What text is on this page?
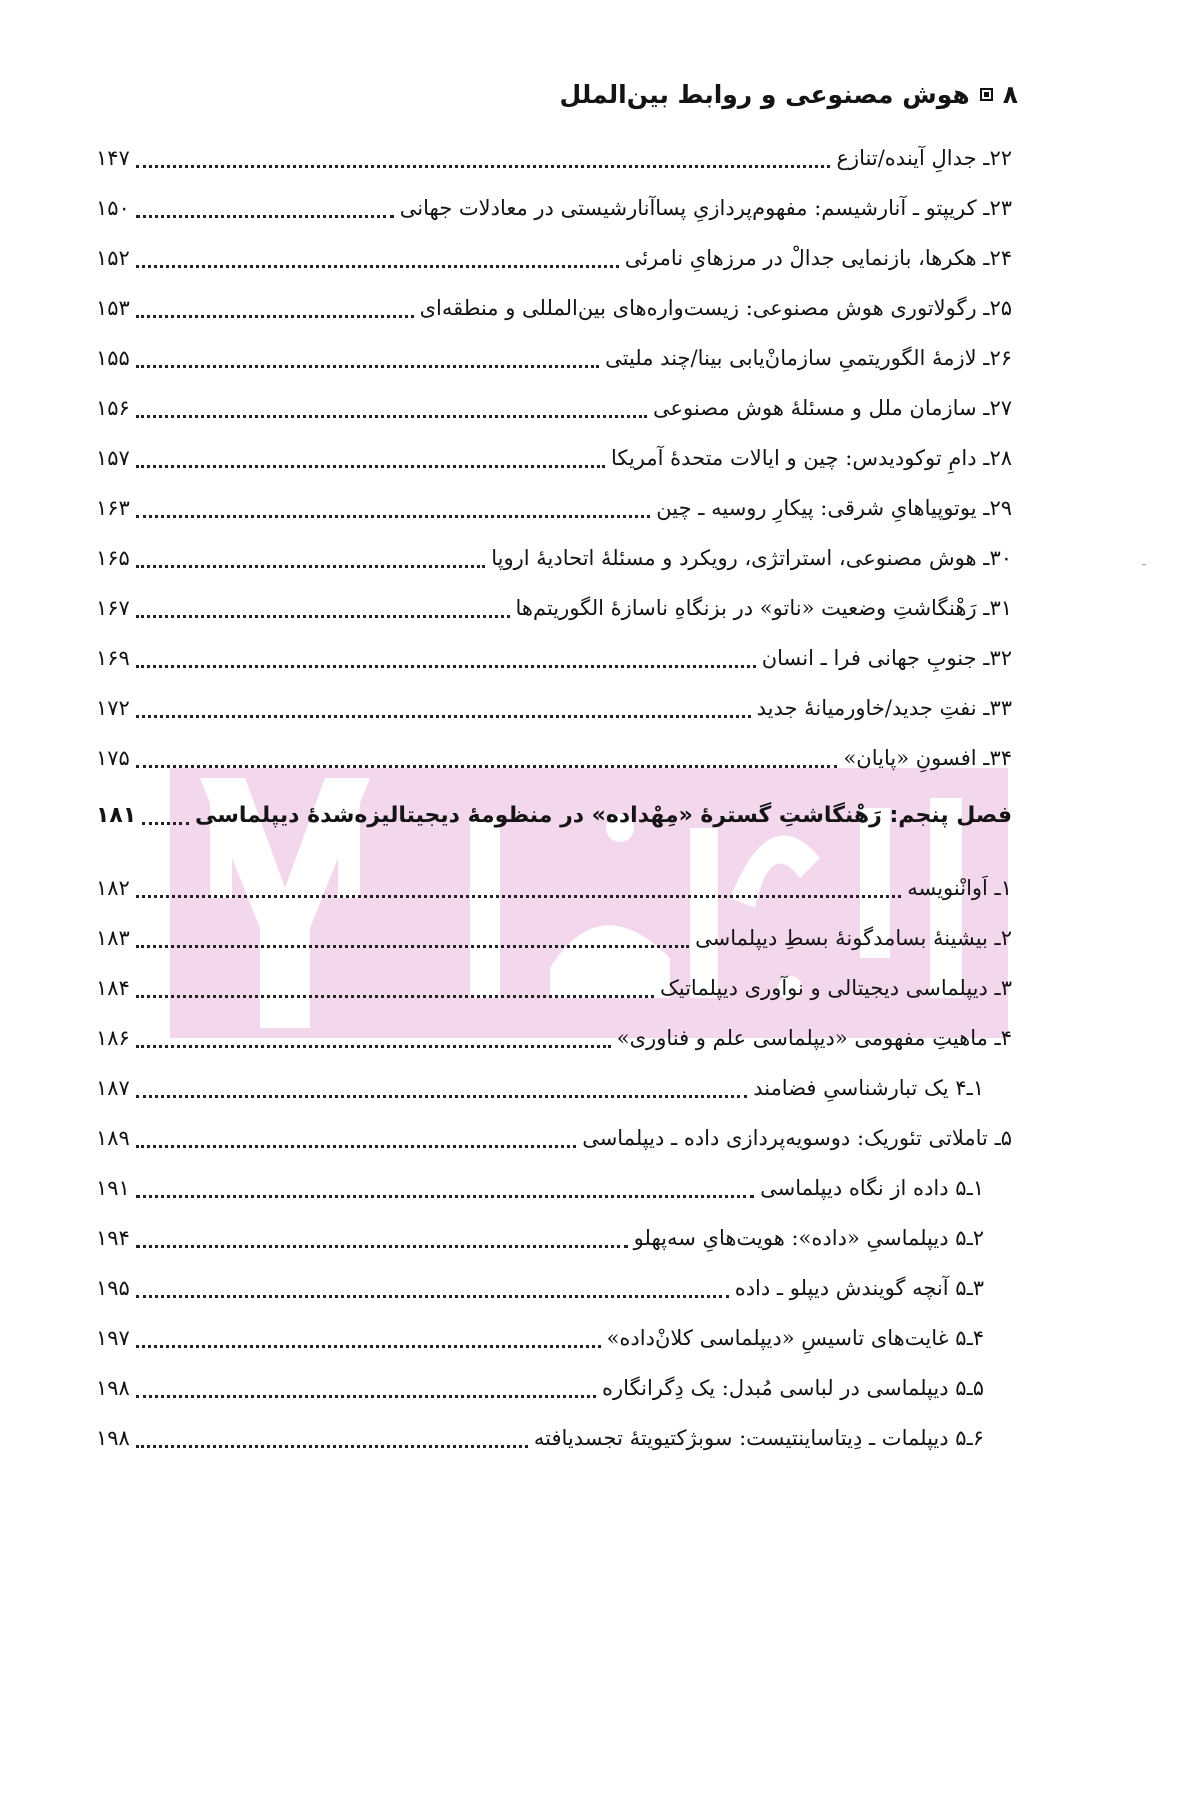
۸
هوش مصنوعی و روابط بین‌الملل
۲۲ـ جدالِ آینده/تنازع
۱۴۷
۲۳ـ کریپتو ـ آنارشیسم: مفهوم‌پردازیِ پساآنارشیستی در معادلات جهانی
۱۵۰
۲۴ـ هکرها، بازنمایی جدالْ در مرزهایِ نامرئی
۱۵۲
۲۵ـ رگولاتوری هوش مصنوعی: زیست‌واره‌های بین‌المللی و منطقه‌ای
۱۵۳
۲۶ـ لازمهٔ الگوریتمیِ سازمانْ‌یابی بینا/چند ملیتی
۱۵۵
۲۷ـ سازمان ملل و مسئلهٔ هوش مصنوعی
۱۵۶
۲۸ـ دامِ توکودیدس: چین و ایالات متحدهٔ آمریکا
۱۵۷
۲۹ـ یوتوپیاهایِ شرقی: پیکارِ روسیه ـ چین
۱۶۳
۳۰ـ هوش مصنوعی، استراتژی، رویکرد و مسئلهٔ اتحادیهٔ اروپا
۱۶۵
۳۱ـ رَهْنگاشتِ وضعیت «ناتو» در بزنگاهِ ناسازهٔ الگوریتم‌ها
۱۶۷
۳۲ـ جنوبِ جهانی فرا ـ انسان
۱۶۹
۳۳ـ نفتِ جدید/خاورمیانهٔ جدید
۱۷۲
۳۴ـ افسونِ «پایان»
۱۷۵
فصل پنجم: رَهْنگاشتِ گسترهٔ «مِهْداده» در منظومهٔ دیجیتالیزه‌شدهٔ دیپلماسی
۱۸۱
۱ـ اَوانْنویسه
۱۸۲
۲ـ بیشینهٔ بسامدگونهٔ بسطِ دیپلماسی
۱۸۳
۳ـ دیپلماسی دیجیتالی و نوآوری دیپلماتیک
۱۸۴
۴ـ ماهیتِ مفهومی «دیپلماسی علم و فناوری»
۱۸۶
۱ـ۴ یک تبارشناسیِ فضامند
۱۸۷
۵ـ تاملاتی تئوریک: دوسویه‌پردازی داده ـ دیپلماسی
۱۸۹
۱ـ۵ داده از نگاه دیپلماسی
۱۹۱
۲ـ۵ دیپلماسیِ «داده»: هویت‌هایِ سه‌پهلو
۱۹۴
۳ـ۵ آنچه گویندش دیپلو ـ داده
۱۹۵
۴ـ۵ غایت‌های تاسیسِ «دیپلماسی کلانْ‌داده»
۱۹۷
۵ـ۵ دیپلماسی در لباسی مُبدل: یک دِگرانگاره
۱۹۸
۶ـ۵ دیپلمات ـ دِیتاساینتیست: سوبژکتیویتهٔ تجسدیافته
۱۹۸
